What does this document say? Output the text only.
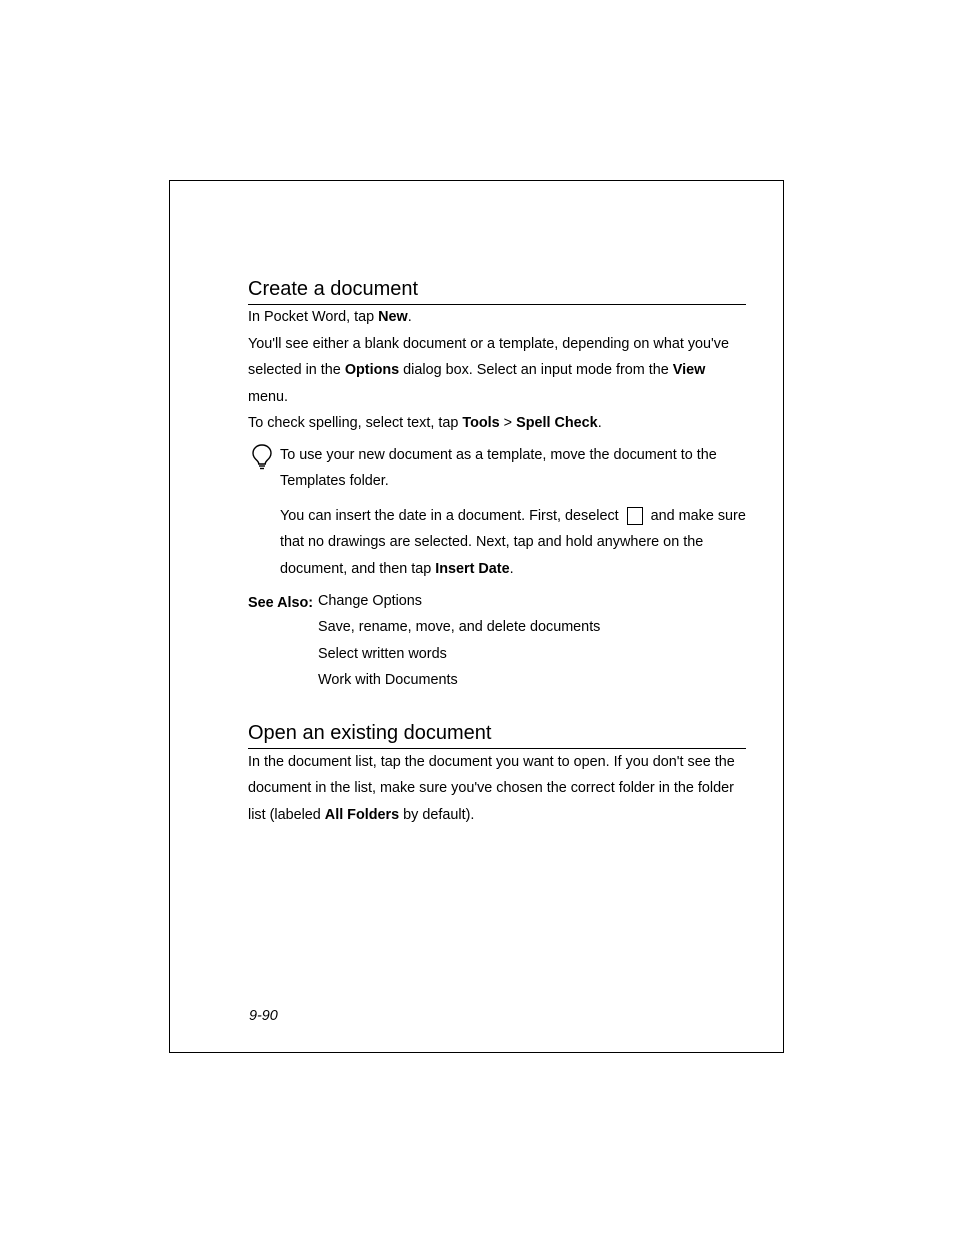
Create a document

In Pocket Word, tap New.

You'll see either a blank document or a template, depending on what you've selected in the Options dialog box. Select an input mode from the View menu.

To check spelling, select text, tap Tools > Spell Check.

To use your new document as a template, move the document to the Templates folder.

You can insert the date in a document. First, deselect  and make sure that no drawings are selected. Next, tap and hold anywhere on the document, and then tap Insert Date.

See Also: Change Options
Save, rename, move, and delete documents
Select written words
Work with Documents
Open an existing document

In the document list, tap the document you want to open. If you don't see the document in the list, make sure you've chosen the correct folder in the folder list (labeled All Folders by default).

9-90
